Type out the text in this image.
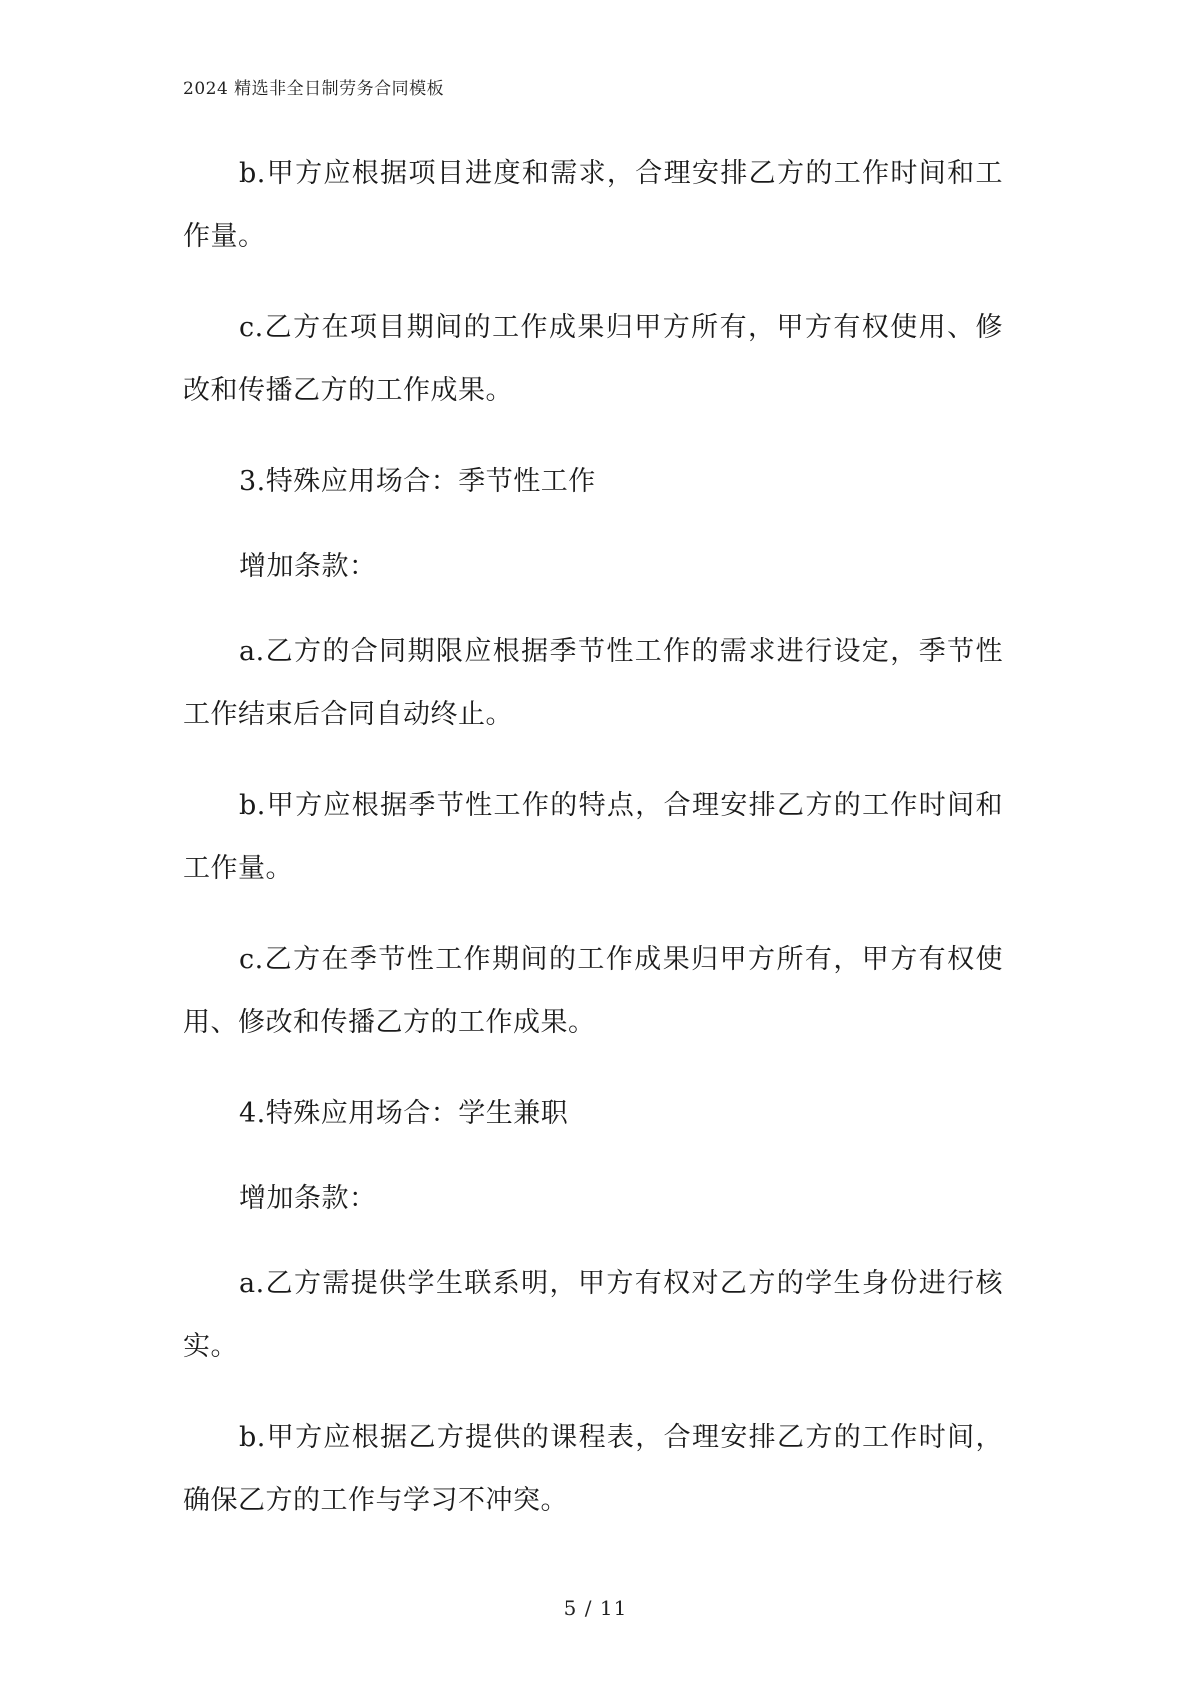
2024 精选非全日制劳务合同模板

b.甲方应根据项目进度和需求，合理安排乙方的工作时间和工作量。

c.乙方在项目期间的工作成果归甲方所有，甲方有权使用、修改和传播乙方的工作成果。

3.特殊应用场合：季节性工作

增加条款：

a.乙方的合同期限应根据季节性工作的需求进行设定，季节性工作结束后合同自动终止。

b.甲方应根据季节性工作的特点，合理安排乙方的工作时间和工作量。

c.乙方在季节性工作期间的工作成果归甲方所有，甲方有权使用、修改和传播乙方的工作成果。

4.特殊应用场合：学生兼职

增加条款：

a.乙方需提供学生联系明，甲方有权对乙方的学生身份进行核实。

b.甲方应根据乙方提供的课程表，合理安排乙方的工作时间，确保乙方的工作与学习不冲突。

5 / 11
